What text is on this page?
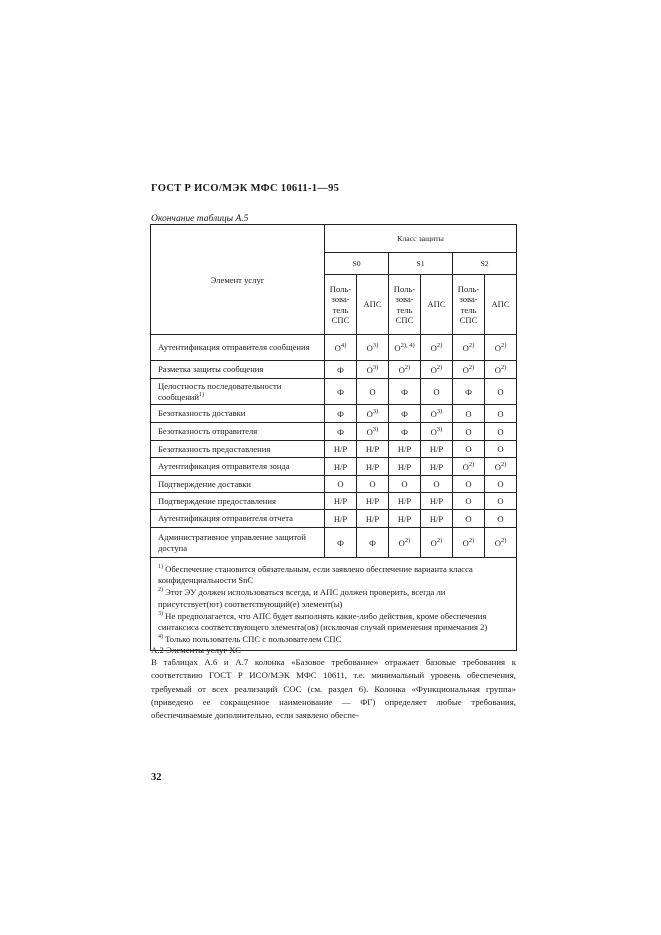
ГОСТ Р ИСО/МЭК МФС 10611-1—95
Окончание таблицы А.5
Элемент услуг	Класс защиты					
	S0		S1		S2	
	Поль-зова-тель СПС	АПС	Поль-зова-тель СПС	АПС	Поль-зова-тель СПС	АПС
Аутентификация отправителя сообщения	$О^{4)}$	$О^{3)}$	$О^{2), 4)}$	$О^{2)}$	$О^{2)}$	$О^{2)}$
Разметка защиты сообщения	Ф	$О^{3)}$	$О^{2)}$	$О^{2)}$	$О^{2)}$	$О^{2)}$
Целостность последовательности сообщений$^{1)}$	Ф	О	Ф	О	Ф	О
Безотказность доставки	Ф	$О^{3)}$	Ф	$О^{3)}$	О	О
Безотказность отправителя	Ф	$О^{3)}$	Ф	$О^{3)}$	О	О
Безотказность предоставления	Н/Р	Н/Р	Н/Р	Н/Р	О	О
Аутентификация отправителя зонда	Н/Р	Н/Р	Н/Р	Н/Р	$О^{2)}$	$О^{2)}$
Подтверждение доставки	О	О	О	О	О	О
Подтверждение предоставления	Н/Р	Н/Р	Н/Р	Н/Р	О	О
Аутентификация отправителя отчета	Н/Р	Н/Р	Н/Р	Н/Р	О	О
Административное управление защитой доступа	Ф	Ф	$О^{2)}$	$О^{2)}$	$О^{2)}$	$О^{2)}$

$^{1)}$ Обеспечение становится обязательным, если заявлено обеспечение варианта класса конфиденциальности SnC

$^{2)}$ Этот ЭУ должен использоваться всегда, и АПС должен проверить, всегда ли присутствует(ют) соответствующий(е) элемент(ы)

$^{3)}$ Не предполагается, что АПС будет выполнять какие-либо действия, кроме обеспечения синтаксиса соответствующего элемента(ов) (исключая случай применения примечания 2)

$^{4)}$ Только пользователь СПС с пользователем СПС						

А.2 Элементы услуг ХС
В таблицах А.6 и А.7 колонка «Базовое требование» отражает базовые требования к соответствию ГОСТ Р ИСО/МЭК МФС 10611, т.е. минимальный уровень обеспечения, требуемый от всех реализаций СОС (см. раздел 6). Колонка «Функциональная группа» (приведено ее сокращенное наименование — ФГ) определяет любые требования, обеспечиваемые дополнительно, если заявлено обеспе-
32
